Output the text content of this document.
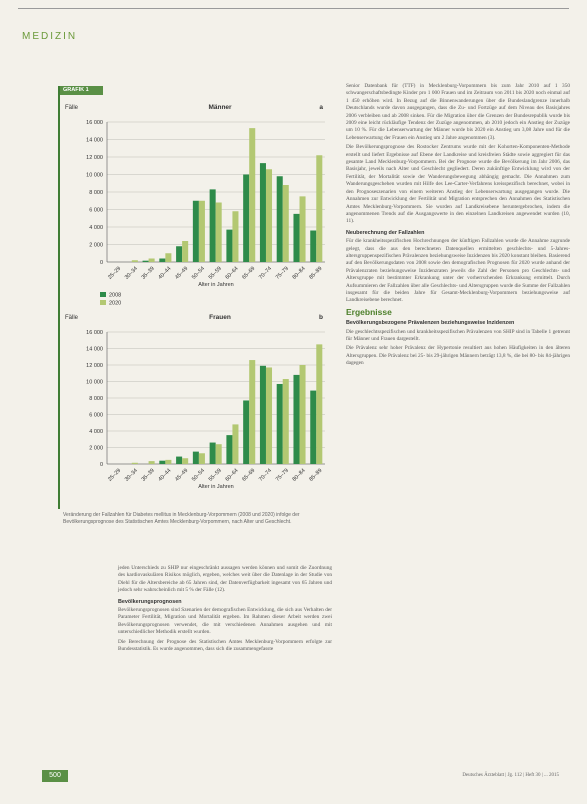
MEDIZIN
GRAFIK 1
Fälle	Männer	a
0
2 000
4 000
6 000
8 000
10 000
12 000
14 000
16 000
25–29 30–34 35–39 40–44 45–49 50–54 55–59 60–64 65–69 70–74 75–79 80–84 85–89
Alter in Jahren
2008
2020
Fälle	Frauen	b
0
2 000
4 000
6 000
8 000
10 000
12 000
14 000
16 000
25–29 30–34 35–39 40–44 45–49 50–54 55–59 60–64 65–69 70–74 75–79 80–84 85–89
Alter in Jahren
Veränderung der Fallzahlen für Diabetes mellitus in Mecklenburg-Vorpommern (2008 und 2020) infolge der Bevölkerungsprognose des Statistischen Amtes Mecklenburg-Vorpommern, nach Alter und Geschlecht.

Senior Datenbank für (TTF) in Mecklenburg-Vorpommern bis zum Jahr 2010 auf 1 350 schwangerschaftsbedingte Kinder pro 1 000 Frauen und im Zeitraum von 2011 bis 2020 noch einmal auf 1 450 erhöhen wird. In Bezug auf die Binnenwanderungen über die Bundeslandgrenze innerhalb Deutschlands wurde davon ausgegangen, dass die Zu- und Fortzüge auf dem Niveau des Basisjahres 2006 verbleiben und ab 2008 sinken. Für die Migration über die Grenzen der Bundesrepublik wurde bis 2009 eine leicht rückläufige Tendenz der Zuzüge angenommen, ab 2010 jedoch ein Anstieg der Zuzüge um 10 %. Für die Lebenserwartung der Männer wurde bis 2020 ein Anstieg um 3,08 Jahre und für die Lebenserwartung der Frauen ein Anstieg um 2 Jahre angenommen (3).

Die Bevölkerungsprognose des Rostocker Zentrums wurde mit der Kohorten-Komponenten-Methode erstellt und liefert Ergebnisse auf Ebene der Landkreise und kreisfreien Städte sowie aggregiert für das gesamte Land Mecklenburg-Vorpommern. Bei der Prognose wurde die Bevölkerung im Jahr 2006, das Basisjahr, jeweils nach Alter und Geschlecht gegliedert. Deren zukünftige Entwicklung wird von der Fertilität, der Mortalität sowie der Wanderungsbewegung abhängig gemacht. Die Annahmen zum Wanderungsgeschehen wurden mit Hilfe des Lee-Carter-Verfahrens kreisspezifisch berechnet, wobei in den Prognoseszenarien von einem weiteren Anstieg der Lebenserwartung ausgegangen wurde. Die Annahmen zur Entwicklung der Fertilität und Migration entsprechen den Annahmen des Statistischen Amtes Mecklenburg-Vorpommern. Sie wurden auf Landkreisebene heruntergebrochen, indem die angenommenen Trends auf die Ausgangswerte in den einzelnen Landkreisen angewendet wurden (10, 11).

Neuberechnung der Fallzahlen

Für die krankheitsspezifischen Hochrechnungen der künftigen Fallzahlen wurde die Annahme zugrunde gelegt, dass die aus den berechneten Datenquellen ermittelten geschlechts- und 5-Jahres-altersgruppenspezifischen Prävalenzen beziehungsweise Inzidenzen bis 2020 konstant bleiben. Basierend auf den Bevölkerungsdaten von 2008 sowie den demografischen Prognosen für 2020 wurde anhand der Prävalenzraten beziehungsweise Inzidenzraten jeweils die Zahl der Personen pro Geschlechts- und Altersgruppe mit bestimmter Erkrankung unter der vorherrschenden Erkrankung ermittelt. Durch Aufsummieren der Fallzahlen über alle Geschlechts- und Altersgruppen wurde die Summe der Fallzahlen insgesamt für die beiden Jahre für Gesamt-Mecklenburg-Vorpommern beziehungsweise auf Landkreisebene berechnet.

Ergebnisse
Bevölkerungsbezogene Prävalenzen beziehungsweise Inzidenzen

Die geschlechtsspezifischen und krankheitsspezifischen Prävalenzen von SHIP sind in Tabelle 1 getrennt für Männer und Frauen dargestellt.

Die Prävalenz sehr hoher Prävalenz der Hypertonie resultiert aus hohen Häufigkeiten in den älteren Altersgruppen. Die Prävalenz bei 25- bis 29-jährigen Männern beträgt 13,8 %, die bei 80- bis 84-jährigen dagegen

jeden Unterschieds zu SHIP nur eingeschränkt aussagen werden können und somit die Zuordnung des kardiovaskulären Risikos möglich, ergeben, welches weit über die Datenlage in der Studie von Diehl für die Altersbereiche ab 65 Jahren sind, der Datenverfügbarkeit ingesamt von 65 Jahren und jedoch sehr wahrscheinlich mit 5 % der Fälle (12).

Bevölkerungsprognosen

Bevölkerungsprognosen sind Szenarien der demografischen Entwicklung, die sich aus Verhalten der Parameter Fertilität, Migration und Mortalität ergeben. Im Rahmen dieser Arbeit werden zwei Bevölkerungsprognosen verwendet, die mit verschiedenen Annahmen ausgehen und mit unterschiedlicher Methodik erstellt wurden.

Die Berechnung der Prognose des Statistischen Amtes Mecklenburg-Vorpommern erfolgte zur Bundesstatistik. Es wurde angenommen, dass sich die zusammengefasste

500	Deutsches Ärzteblatt | Jg. 112 | Heft 30 | ... 2015
